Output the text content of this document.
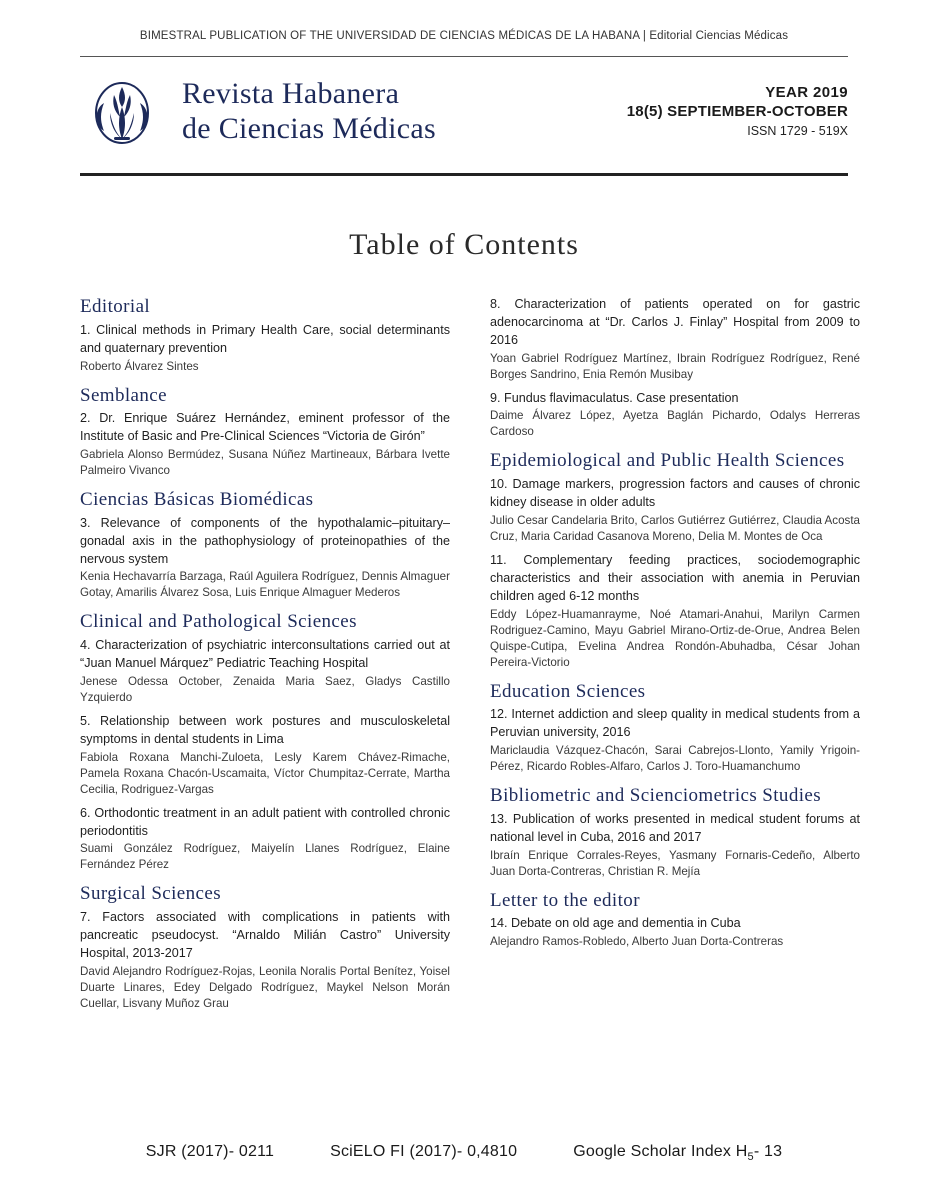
BIMESTRAL PUBLICATION OF THE UNIVERSIDAD DE CIENCIAS MÉDICAS DE LA HABANA | Editorial Ciencias Médicas
Revista Habanera
de Ciencias Médicas
YEAR 2019
18(5) SEPTIEMBER-OCTOBER
ISSN 1729 - 519X
Table of Contents
Editorial
1. Clinical methods in Primary Health Care, social determinants and quaternary prevention
Roberto Álvarez Sintes
Semblance
2. Dr. Enrique Suárez Hernández, eminent professor of the Institute of Basic and Pre-Clinical Sciences “Victoria de Girón”
Gabriela Alonso Bermúdez, Susana Núñez Martineaux, Bárbara Ivette Palmeiro Vivanco
Ciencias Básicas Biomédicas
3. Relevance of components of the hypothalamic–pituitary–gonadal axis in the pathophysiology of proteinopathies of the nervous system
Kenia Hechavarría Barzaga, Raúl Aguilera Rodríguez, Dennis Almaguer Gotay, Amarilis Álvarez Sosa, Luis Enrique Almaguer Mederos
Clinical and Pathological Sciences
4. Characterization of psychiatric interconsultations carried out at “Juan Manuel Márquez” Pediatric Teaching Hospital
Jenese Odessa October, Zenaida Maria Saez, Gladys Castillo Yzquierdo
5. Relationship between work postures and musculoskeletal symptoms in dental students in Lima
Fabiola Roxana Manchi-Zuloeta, Lesly Karem Chávez-Rimache, Pamela Roxana Chacón-Uscamaita, Víctor Chumpitaz-Cerrate, Martha Cecilia, Rodriguez-Vargas
6. Orthodontic treatment in an adult patient with controlled chronic periodontitis
Suami González Rodríguez, Maiyelín Llanes Rodríguez, Elaine Fernández Pérez
Surgical Sciences
7. Factors associated with complications in patients with pancreatic pseudocyst. “Arnaldo Milián Castro” University Hospital, 2013-2017
David Alejandro Rodríguez-Rojas, Leonila Noralis Portal Benítez, Yoisel Duarte Linares, Edey Delgado Rodríguez, Maykel Nelson Morán Cuellar, Lisvany Muñoz Grau
8. Characterization of patients operated on for gastric adenocarcinoma at “Dr. Carlos J. Finlay” Hospital from 2009 to 2016
Yoan Gabriel Rodríguez Martínez, Ibrain Rodríguez Rodríguez, René Borges Sandrino, Enia Remón Musibay
9. Fundus flavimaculatus. Case presentation
Daime Álvarez López, Ayetza Baglán Pichardo, Odalys Herreras Cardoso
Epidemiological and Public Health Sciences
10. Damage markers, progression factors and causes of chronic kidney disease in older adults
Julio Cesar Candelaria Brito, Carlos Gutiérrez Gutiérrez, Claudia Acosta Cruz, Maria Caridad Casanova Moreno, Delia M. Montes de Oca
11. Complementary feeding practices, sociodemographic characteristics and their association with anemia in Peruvian children aged 6-12 months
Eddy López-Huamanrayme, Noé Atamari-Anahui, Marilyn Carmen Rodriguez-Camino, Mayu Gabriel Mirano-Ortiz-de-Orue, Andrea Belen Quispe-Cutipa, Evelina Andrea Rondón-Abuhadba, César Johan Pereira-Victorio
Education Sciences
12. Internet addiction and sleep quality in medical students from a Peruvian university, 2016
Mariclaudia Vázquez-Chacón, Sarai Cabrejos-Llonto, Yamily Yrigoin-Pérez, Ricardo Robles-Alfaro, Carlos J. Toro-Huamanchumo
Bibliometric and Scienciometrics Studies
13. Publication of works presented in medical student forums at national level in Cuba, 2016 and 2017
Ibraín Enrique Corrales-Reyes, Yasmany Fornaris-Cedeño, Alberto Juan Dorta-Contreras, Christian R. Mejía
Letter to the editor
14. Debate on old age and dementia in Cuba
Alejandro Ramos-Robledo, Alberto Juan Dorta-Contreras
SJR (2017)- 0211	SciELO FI (2017)- 0,4810	Google Scholar Index $H_5-$ 13
